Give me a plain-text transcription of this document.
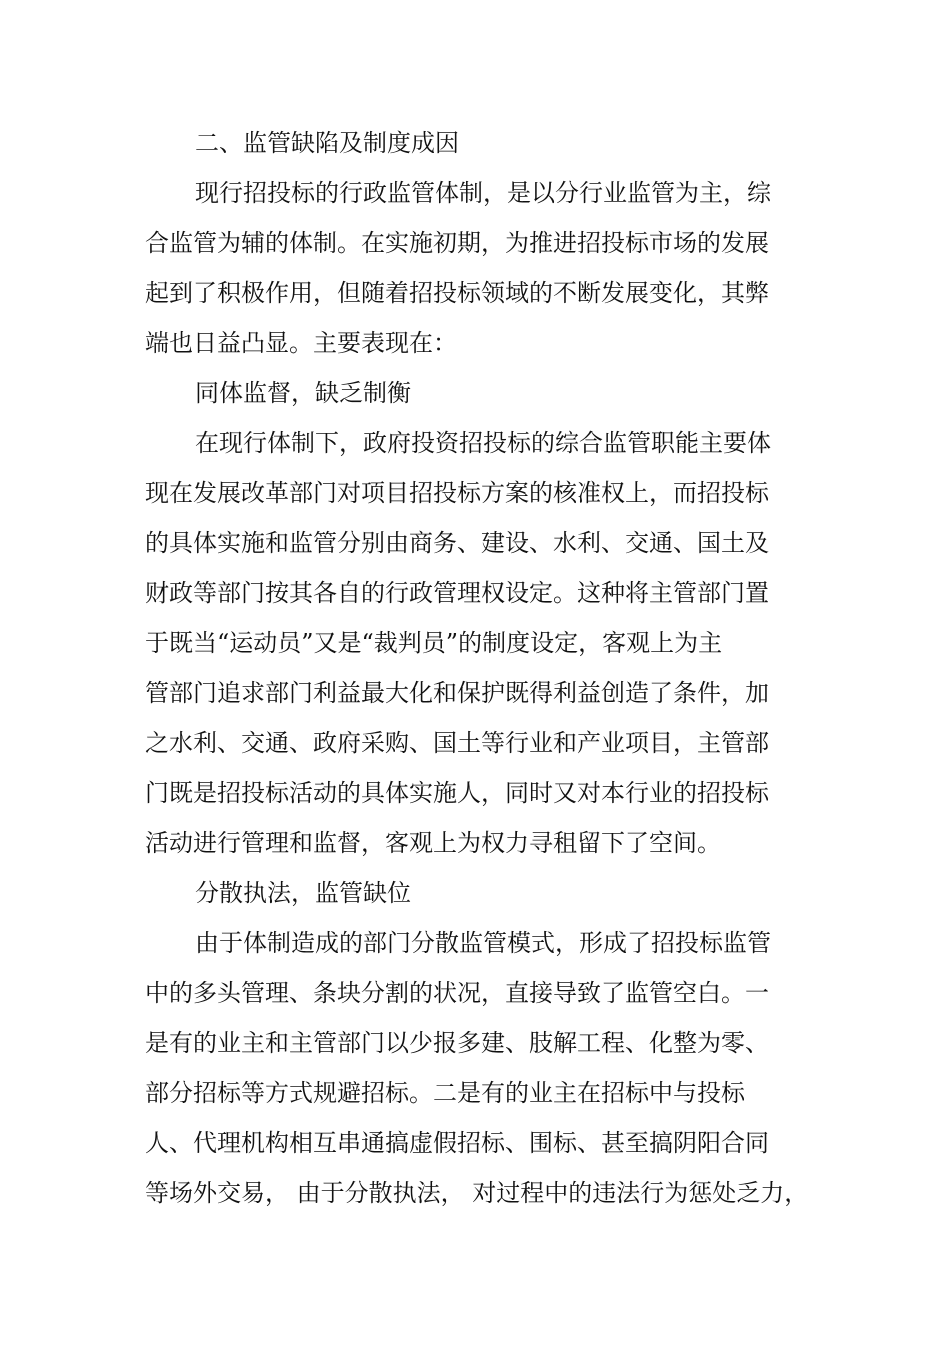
二、监管缺陷及制度成因
现行招投标的行政监管体制，是以分行业监管为主，综
合监管为辅的体制。在实施初期，为推进招投标市场的发展
起到了积极作用，但随着招投标领域的不断发展变化，其弊
端也日益凸显。主要表现在：
同体监督，缺乏制衡
在现行体制下，政府投资招投标的综合监管职能主要体
现在发展改革部门对项目招投标方案的核准权上，而招投标
的具体实施和监管分别由商务、建设、水利、交通、国土及
财政等部门按其各自的行政管理权设定。这种将主管部门置
于既当“运动员”又是“裁判员”的制度设定，客观上为主
管部门追求部门利益最大化和保护既得利益创造了条件，加
之水利、交通、政府采购、国土等行业和产业项目，主管部
门既是招投标活动的具体实施人，同时又对本行业的招投标
活动进行管理和监督，客观上为权力寻租留下了空间。
分散执法，监管缺位
由于体制造成的部门分散监管模式，形成了招投标监管
中的多头管理、条块分割的状况，直接导致了监管空白。一
是有的业主和主管部门以少报多建、肢解工程、化整为零、
部分招标等方式规避招标。二是有的业主在招标中与投标
人、代理机构相互串通搞虚假招标、围标、甚至搞阴阳合同
等场外交易， 由于分散执法， 对过程中的违法行为惩处乏力，
